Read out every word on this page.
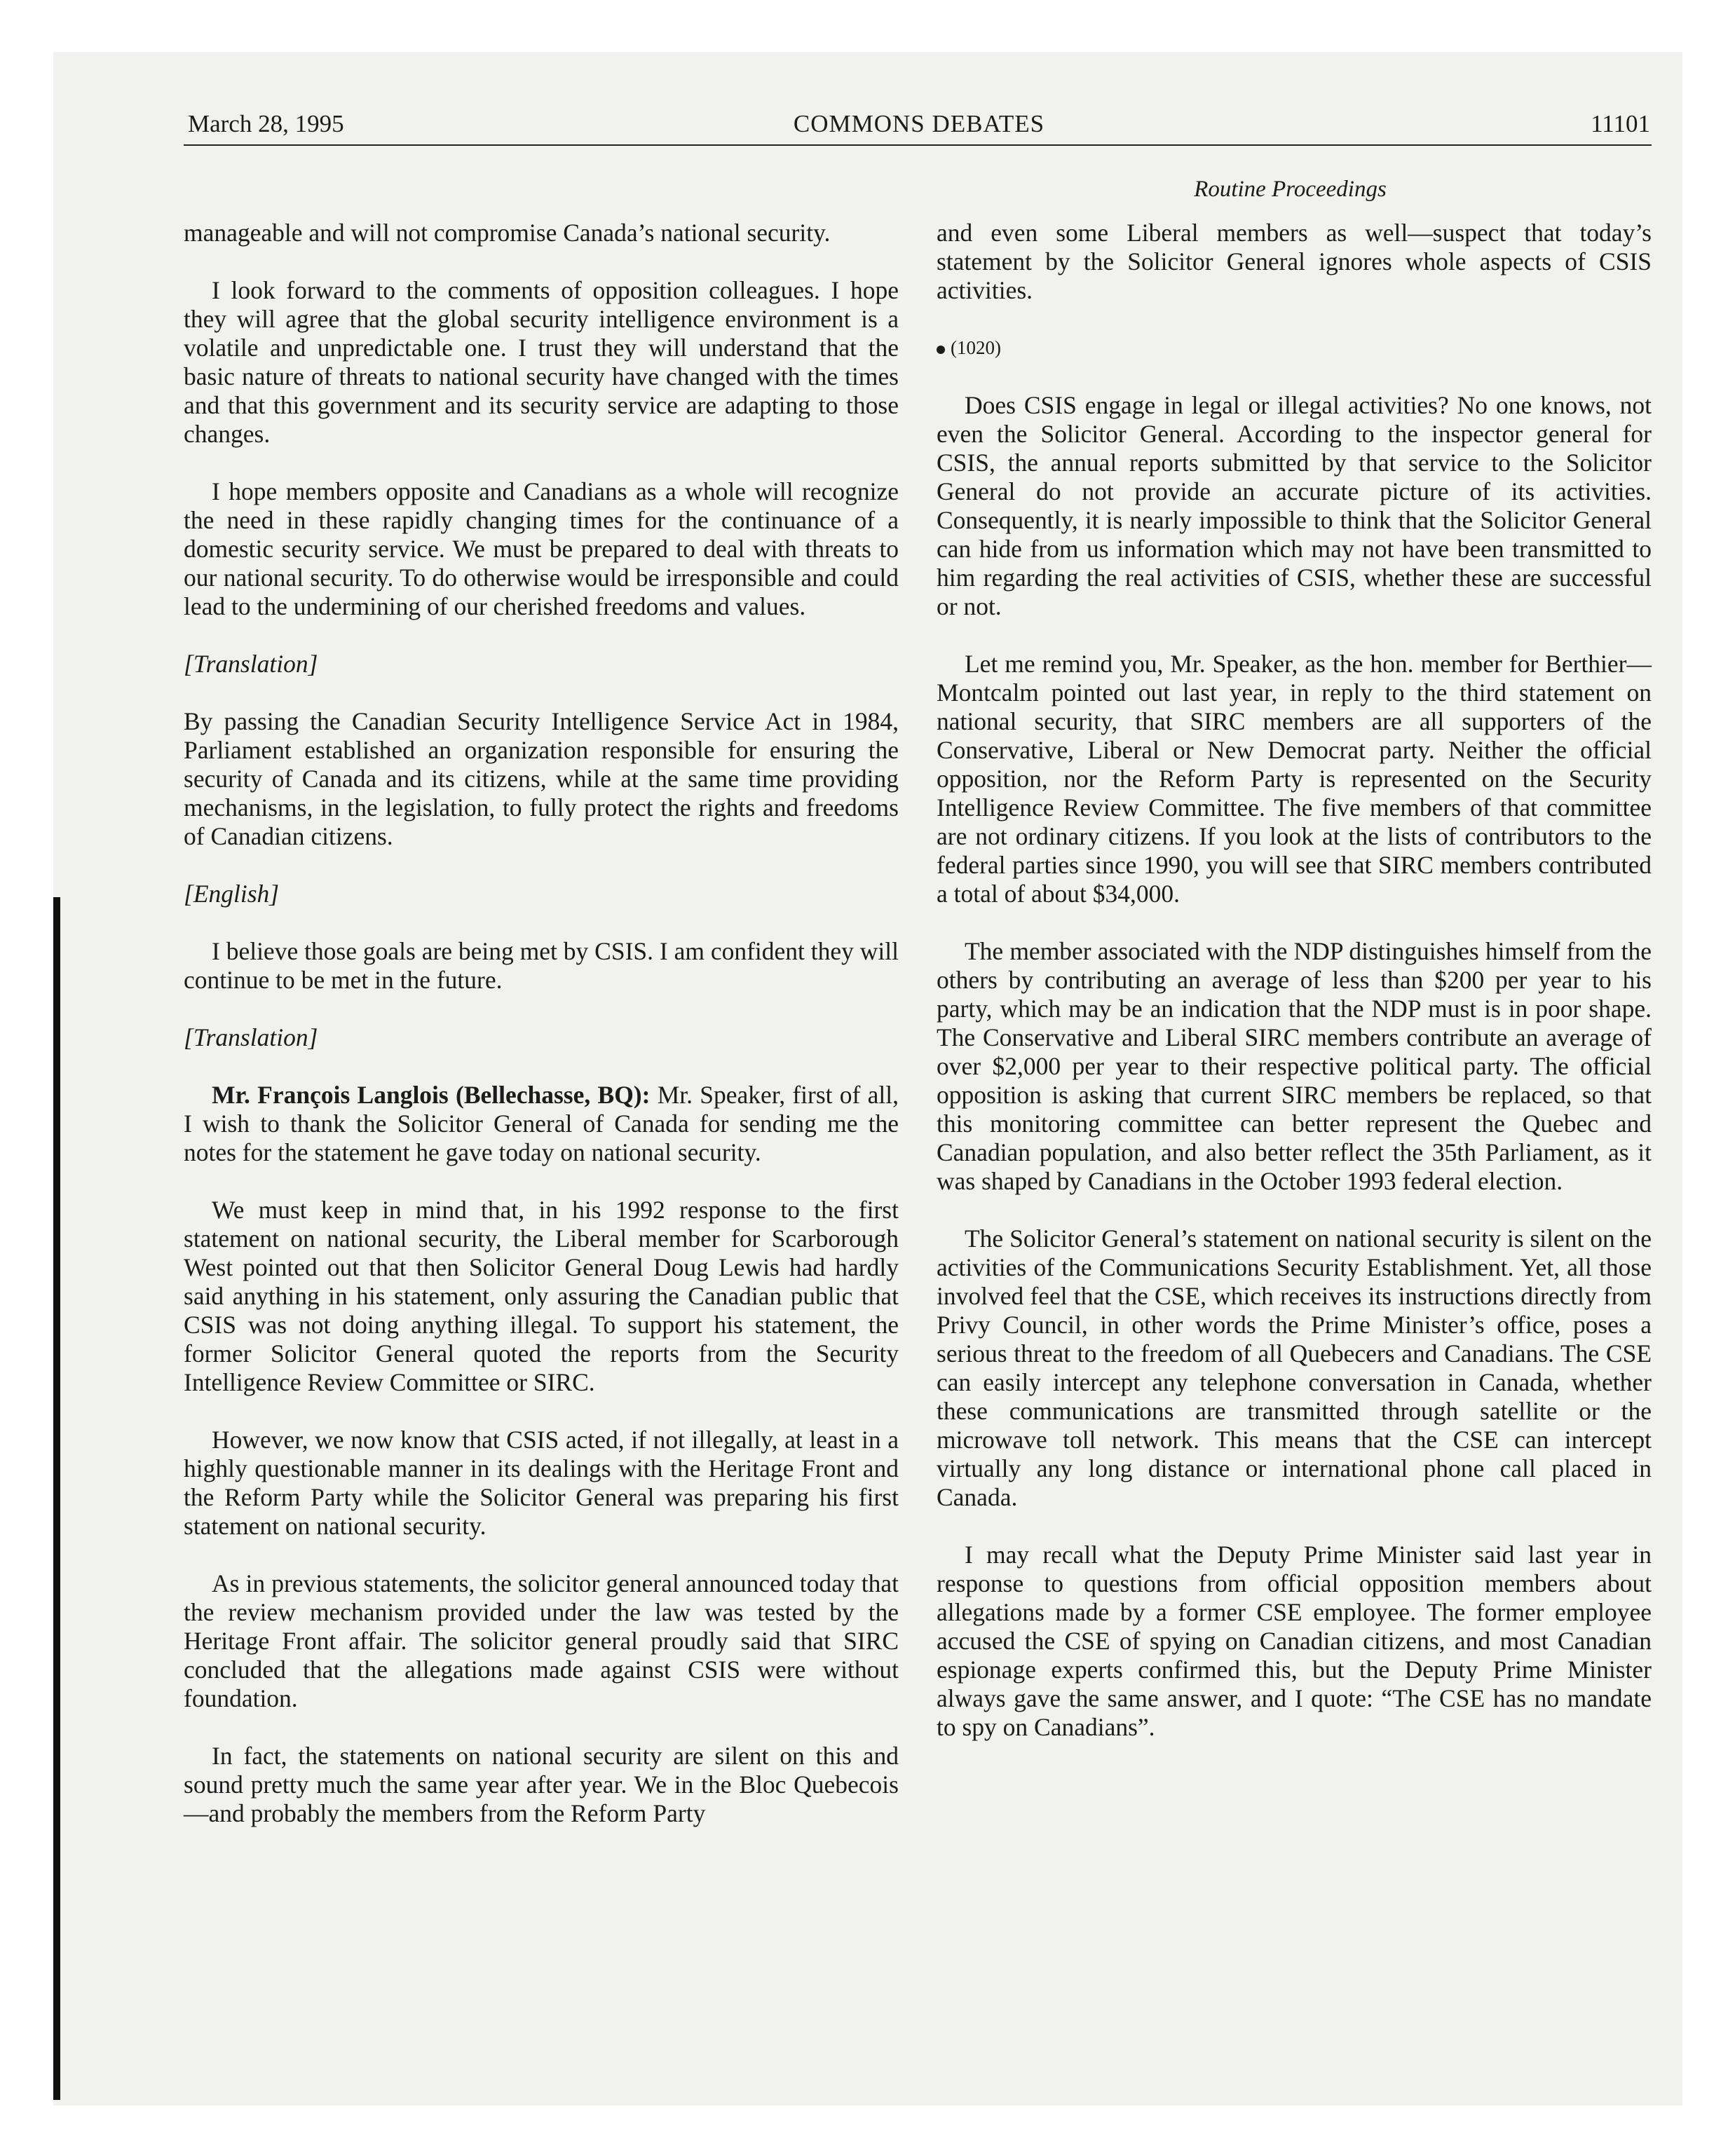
March 28, 1995	COMMONS DEBATES	11101
Routine Proceedings

manageable and will not compromise Canada’s national security.

I look forward to the comments of opposition colleagues. I hope they will agree that the global security intelligence environment is a volatile and unpredictable one. I trust they will understand that the basic nature of threats to national security have changed with the times and that this government and its security service are adapting to those changes.

I hope members opposite and Canadians as a whole will recognize the need in these rapidly changing times for the continuance of a domestic security service. We must be prepared to deal with threats to our national security. To do otherwise would be irresponsible and could lead to the undermining of our cherished freedoms and values.

[Translation]

By passing the Canadian Security Intelligence Service Act in 1984, Parliament established an organization responsible for ensuring the security of Canada and its citizens, while at the same time providing mechanisms, in the legislation, to fully protect the rights and freedoms of Canadian citizens.

[English]

I believe those goals are being met by CSIS. I am confident they will continue to be met in the future.

[Translation]

Mr. François Langlois (Bellechasse, BQ): Mr. Speaker, first of all, I wish to thank the Solicitor General of Canada for sending me the notes for the statement he gave today on national security.

We must keep in mind that, in his 1992 response to the first statement on national security, the Liberal member for Scarborough West pointed out that then Solicitor General Doug Lewis had hardly said anything in his statement, only assuring the Canadian public that CSIS was not doing anything illegal. To support his statement, the former Solicitor General quoted the reports from the Security Intelligence Review Committee or SIRC.

However, we now know that CSIS acted, if not illegally, at least in a highly questionable manner in its dealings with the Heritage Front and the Reform Party while the Solicitor General was preparing his first statement on national security.

As in previous statements, the solicitor general announced today that the review mechanism provided under the law was tested by the Heritage Front affair. The solicitor general proudly said that SIRC concluded that the allegations made against CSIS were without foundation.

In fact, the statements on national security are silent on this and sound pretty much the same year after year. We in the Bloc Quebecois—and probably the members from the Reform Party

and even some Liberal members as well—suspect that today’s statement by the Solicitor General ignores whole aspects of CSIS activities.

(1020)

Does CSIS engage in legal or illegal activities? No one knows, not even the Solicitor General. According to the inspector general for CSIS, the annual reports submitted by that service to the Solicitor General do not provide an accurate picture of its activities. Consequently, it is nearly impossible to think that the Solicitor General can hide from us information which may not have been transmitted to him regarding the real activities of CSIS, whether these are successful or not.

Let me remind you, Mr. Speaker, as the hon. member for Berthier—Montcalm pointed out last year, in reply to the third statement on national security, that SIRC members are all supporters of the Conservative, Liberal or New Democrat party. Neither the official opposition, nor the Reform Party is represented on the Security Intelligence Review Committee. The five members of that committee are not ordinary citizens. If you look at the lists of contributors to the federal parties since 1990, you will see that SIRC members contributed a total of about $34,000.

The member associated with the NDP distinguishes himself from the others by contributing an average of less than $200 per year to his party, which may be an indication that the NDP must is in poor shape. The Conservative and Liberal SIRC members contribute an average of over $2,000 per year to their respective political party. The official opposition is asking that current SIRC members be replaced, so that this monitoring committee can better represent the Quebec and Canadian population, and also better reflect the 35th Parliament, as it was shaped by Canadians in the October 1993 federal election.

The Solicitor General’s statement on national security is silent on the activities of the Communications Security Establishment. Yet, all those involved feel that the CSE, which receives its instructions directly from Privy Council, in other words the Prime Minister’s office, poses a serious threat to the freedom of all Quebecers and Canadians. The CSE can easily intercept any telephone conversation in Canada, whether these communications are transmitted through satellite or the microwave toll network. This means that the CSE can intercept virtually any long distance or international phone call placed in Canada.

I may recall what the Deputy Prime Minister said last year in response to questions from official opposition members about allegations made by a former CSE employee. The former employee accused the CSE of spying on Canadian citizens, and most Canadian espionage experts confirmed this, but the Deputy Prime Minister always gave the same answer, and I quote: “The CSE has no mandate to spy on Canadians”.
